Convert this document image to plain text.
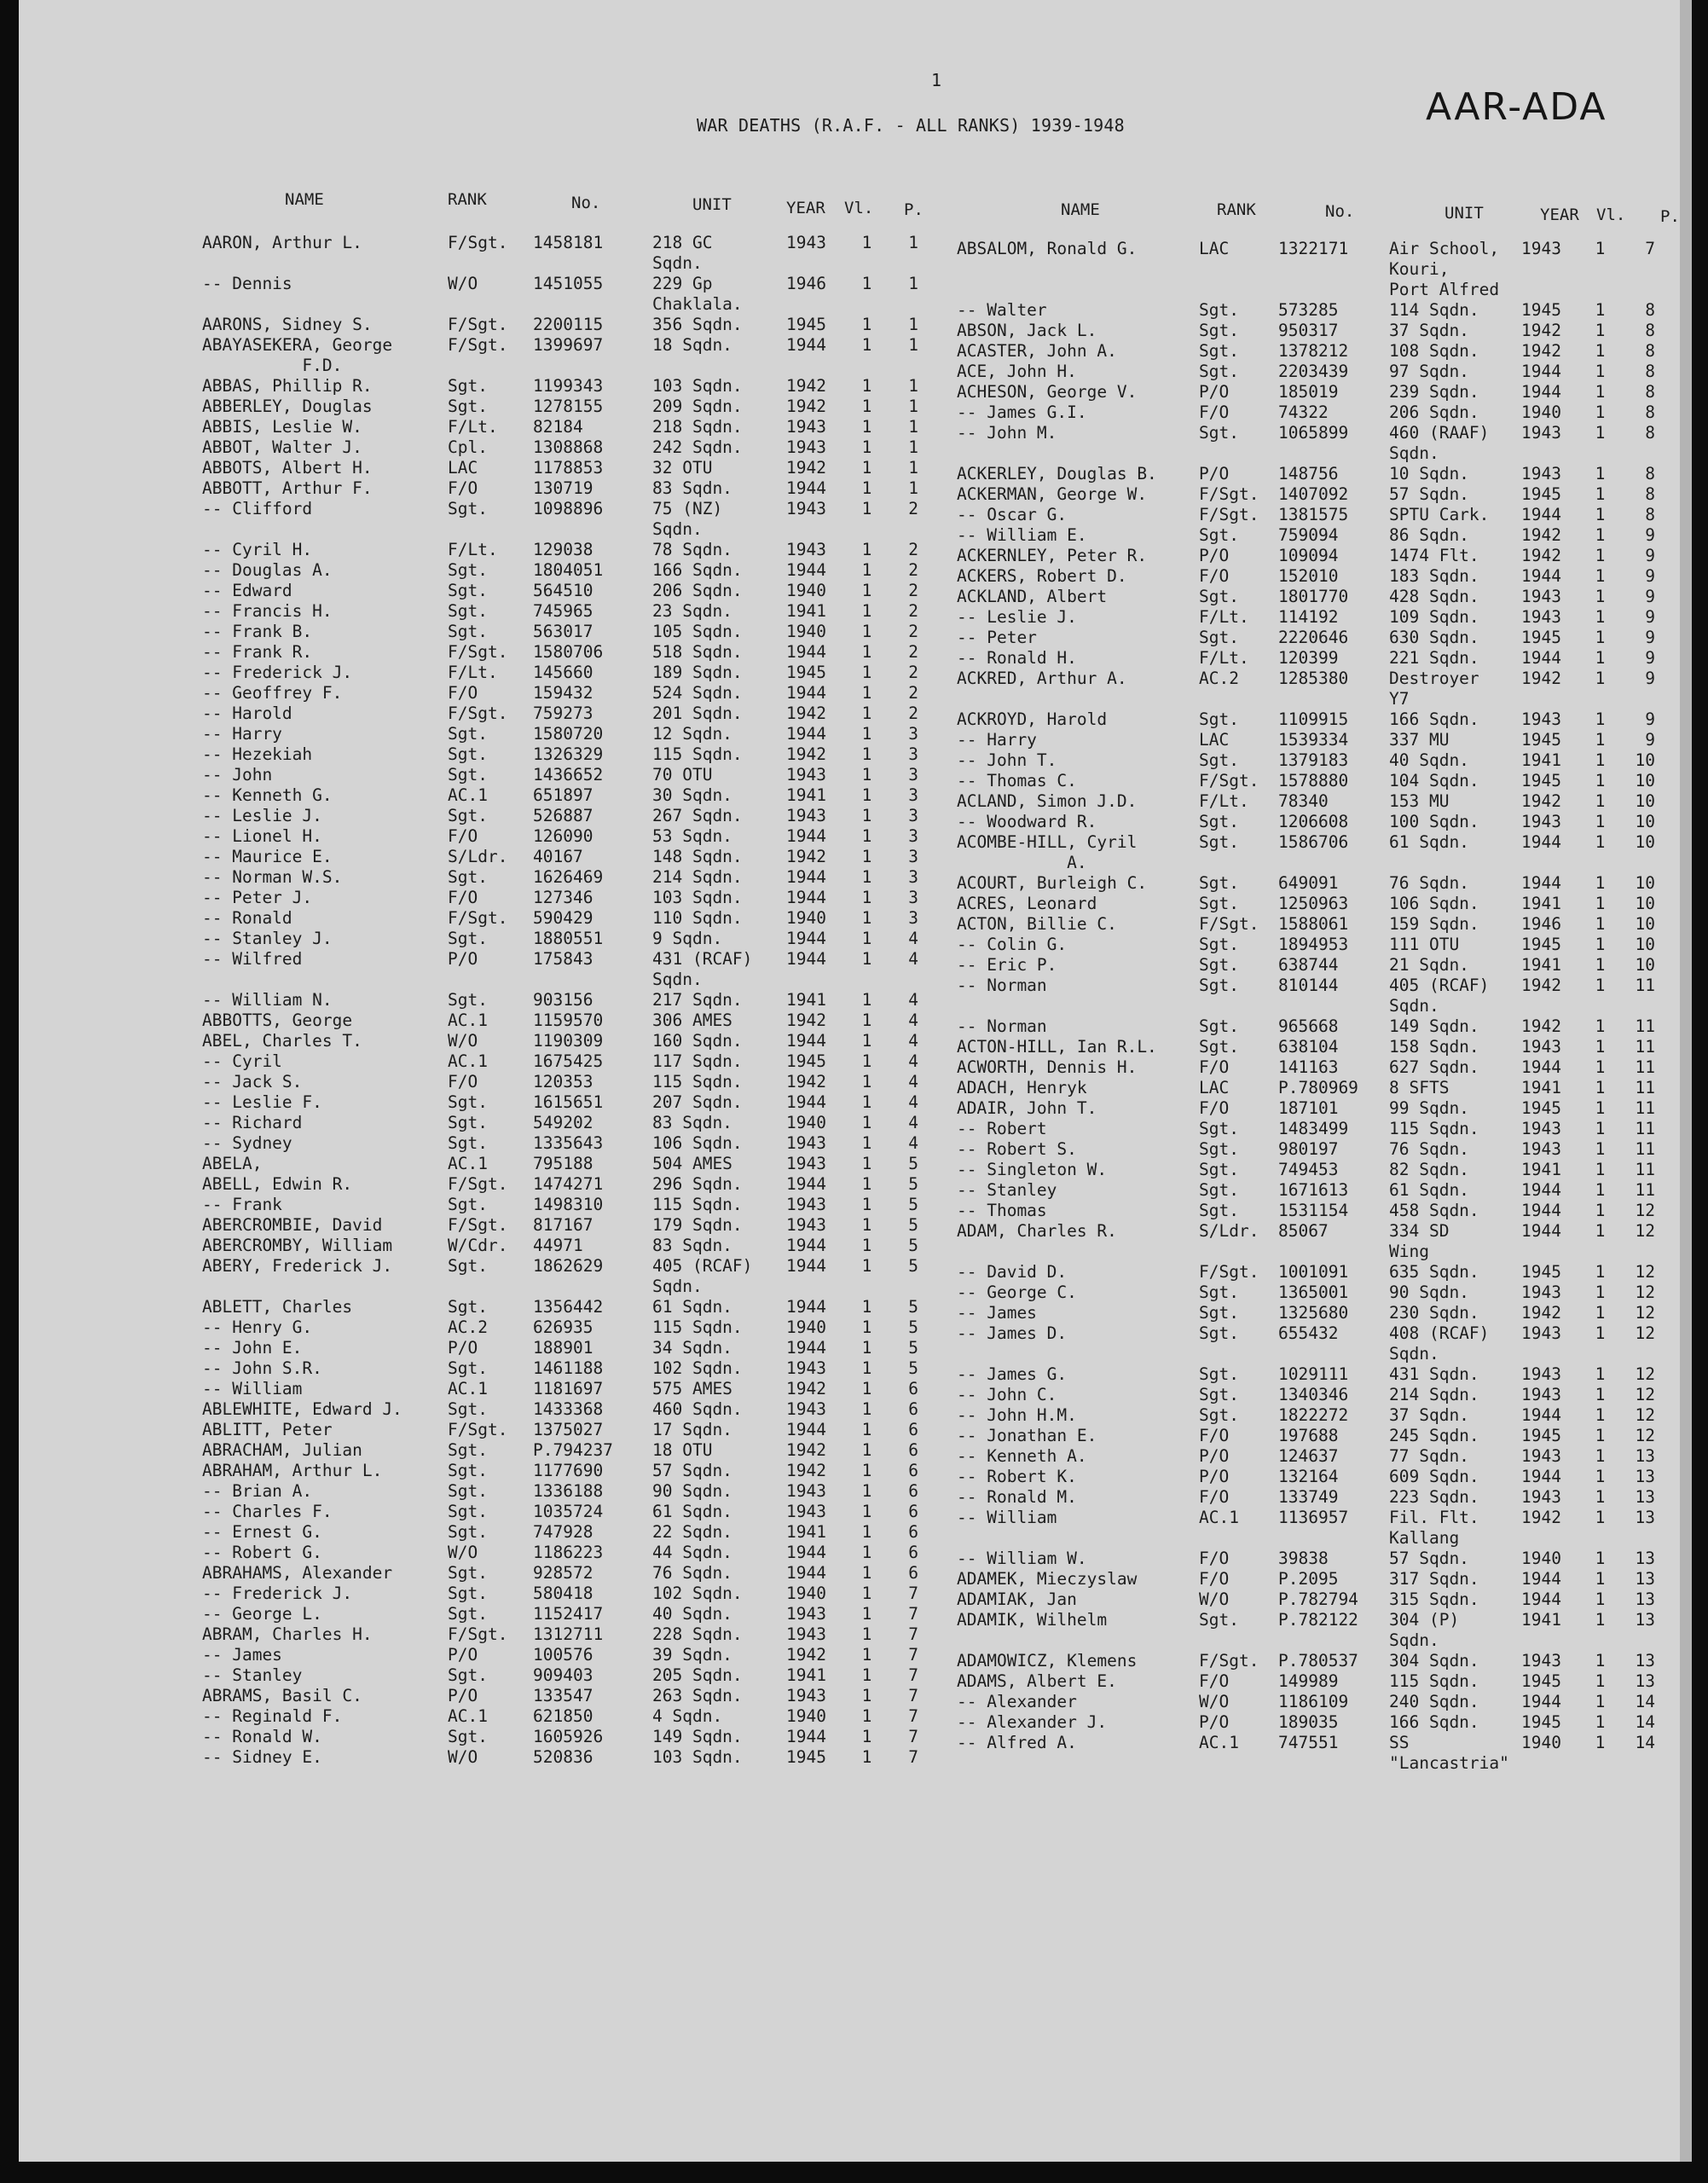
1
WAR DEATHS (R.A.F. - ALL RANKS) 1939-1948	AAR-ADA
NAME	RANK	No.	UNIT	YEAR Vl. P.	NAME	RANK	No.	UNIT	YEAR Vl. P.
AARON, Arthur L.	F/Sgt.	1458181	218 GC	1943	1	1
Sqdn.
-- Dennis	W/O	1451055	229 Gp	1946	1	1
Chaklala.
AARONS, Sidney S.	F/Sgt.	2200115	356 Sqdn.	1945	1	1
ABAYASEKERA, George	F/Sgt.	1399697	18 Sqdn.	1944	1	1
F.D.
ABBAS, Phillip R.	Sgt.	1199343	103 Sqdn.	1942	1	1
ABBERLEY, Douglas	Sgt.	1278155	209 Sqdn.	1942	1	1
ABBIS, Leslie W.	F/Lt.	82184	218 Sqdn.	1943	1	1
ABBOT, Walter J.	Cpl.	1308868	242 Sqdn.	1943	1	1
ABBOTS, Albert H.	LAC	1178853	32 OTU	1942	1	1
ABBOTT, Arthur F.	F/O	130719	83 Sqdn.	1944	1	1
-- Clifford	Sgt.	1098896	75 (NZ)	1943	1	2
Sqdn.
-- Cyril H.	F/Lt.	129038	78 Sqdn.	1943	1	2
-- Douglas A.	Sgt.	1804051	166 Sqdn.	1944	1	2
-- Edward	Sgt.	564510	206 Sqdn.	1940	1	2
-- Francis H.	Sgt.	745965	23 Sqdn.	1941	1	2
-- Frank B.	Sgt.	563017	105 Sqdn.	1940	1	2
-- Frank R.	F/Sgt.	1580706	518 Sqdn.	1944	1	2
-- Frederick J.	F/Lt.	145660	189 Sqdn.	1945	1	2
-- Geoffrey F.	F/O	159432	524 Sqdn.	1944	1	2
-- Harold	F/Sgt.	759273	201 Sqdn.	1942	1	2
-- Harry	Sgt.	1580720	12 Sqdn.	1944	1	3
-- Hezekiah	Sgt.	1326329	115 Sqdn.	1942	1	3
-- John	Sgt.	1436652	70 OTU	1943	1	3
-- Kenneth G.	AC.1	651897	30 Sqdn.	1941	1	3
-- Leslie J.	Sgt.	526887	267 Sqdn.	1943	1	3
-- Lionel H.	F/O	126090	53 Sqdn.	1944	1	3
-- Maurice E.	S/Ldr.	40167	148 Sqdn.	1942	1	3
-- Norman W.S.	Sgt.	1626469	214 Sqdn.	1944	1	3
-- Peter J.	F/O	127346	103 Sqdn.	1944	1	3
-- Ronald	F/Sgt.	590429	110 Sqdn.	1940	1	3
-- Stanley J.	Sgt.	1880551	9 Sqdn.	1944	1	4
-- Wilfred	P/O	175843	431 (RCAF)	1944	1	4
Sqdn.
-- William N.	Sgt.	903156	217 Sqdn.	1941	1	4
ABBOTTS, George	AC.1	1159570	306 AMES	1942	1	4
ABEL, Charles T.	W/O	1190309	160 Sqdn.	1944	1	4
-- Cyril	AC.1	1675425	117 Sqdn.	1945	1	4
-- Jack S.	F/O	120353	115 Sqdn.	1942	1	4
-- Leslie F.	Sgt.	1615651	207 Sqdn.	1944	1	4
-- Richard	Sgt.	549202	83 Sqdn.	1940	1	4
-- Sydney	Sgt.	1335643	106 Sqdn.	1943	1	4
ABELA,	AC.1	795188	504 AMES	1943	1	5
ABELL, Edwin R.	F/Sgt.	1474271	296 Sqdn.	1944	1	5
-- Frank	Sgt.	1498310	115 Sqdn.	1943	1	5
ABERCROMBIE, David	F/Sgt.	817167	179 Sqdn.	1943	1	5
ABERCROMBY, William	W/Cdr.	44971	83 Sqdn.	1944	1	5
ABERY, Frederick J.	Sgt.	1862629	405 (RCAF)	1944	1	5
Sqdn.
ABLETT, Charles	Sgt.	1356442	61 Sqdn.	1944	1	5
-- Henry G.	AC.2	626935	115 Sqdn.	1940	1	5
-- John E.	P/O	188901	34 Sqdn.	1944	1	5
-- John S.R.	Sgt.	1461188	102 Sqdn.	1943	1	5
-- William	AC.1	1181697	575 AMES	1942	1	6
ABLEWHITE, Edward J.	Sgt.	1433368	460 Sqdn.	1943	1	6
ABLITT, Peter	F/Sgt.	1375027	17 Sqdn.	1944	1	6
ABRACHAM, Julian	Sgt.	P.794237	18 OTU	1942	1	6
ABRAHAM, Arthur L.	Sgt.	1177690	57 Sqdn.	1942	1	6
-- Brian A.	Sgt.	1336188	90 Sqdn.	1943	1	6
-- Charles F.	Sgt.	1035724	61 Sqdn.	1943	1	6
-- Ernest G.	Sgt.	747928	22 Sqdn.	1941	1	6
-- Robert G.	W/O	1186223	44 Sqdn.	1944	1	6
ABRAHAMS, Alexander	Sgt.	928572	76 Sqdn.	1944	1	6
-- Frederick J.	Sgt.	580418	102 Sqdn.	1940	1	7
-- George L.	Sgt.	1152417	40 Sqdn.	1943	1	7
ABRAM, Charles H.	F/Sgt.	1312711	228 Sqdn.	1943	1	7
-- James	P/O	100576	39 Sqdn.	1942	1	7
-- Stanley	Sgt.	909403	205 Sqdn.	1941	1	7
ABRAMS, Basil C.	P/O	133547	263 Sqdn.	1943	1	7
-- Reginald F.	AC.1	621850	4 Sqdn.	1940	1	7
-- Ronald W.	Sgt.	1605926	149 Sqdn.	1944	1	7
-- Sidney E.	W/O	520836	103 Sqdn.	1945	1	7
ABSALOM, Ronald G.	LAC	1322171	Air School,	1943	1	7
Kouri,
Port Alfred
-- Walter	Sgt.	573285	114 Sqdn.	1945	1	8
ABSON, Jack L.	Sgt.	950317	37 Sqdn.	1942	1	8
ACASTER, John A.	Sgt.	1378212	108 Sqdn.	1942	1	8
ACE, John H.	Sgt.	2203439	97 Sqdn.	1944	1	8
ACHESON, George V.	P/O	185019	239 Sqdn.	1944	1	8
-- James G.I.	F/O	74322	206 Sqdn.	1940	1	8
-- John M.	Sgt.	1065899	460 (RAAF)	1943	1	8
Sqdn.
ACKERLEY, Douglas B.	P/O	148756	10 Sqdn.	1943	1	8
ACKERMAN, George W.	F/Sgt.	1407092	57 Sqdn.	1945	1	8
-- Oscar G.	F/Sgt.	1381575	SPTU Cark.	1944	1	8
-- William E.	Sgt.	759094	86 Sqdn.	1942	1	9
ACKERNLEY, Peter R.	P/O	109094	1474 Flt.	1942	1	9
ACKERS, Robert D.	F/O	152010	183 Sqdn.	1944	1	9
ACKLAND, Albert	Sgt.	1801770	428 Sqdn.	1943	1	9
-- Leslie J.	F/Lt.	114192	109 Sqdn.	1943	1	9
-- Peter	Sgt.	2220646	630 Sqdn.	1945	1	9
-- Ronald H.	F/Lt.	120399	221 Sqdn.	1944	1	9
ACKRED, Arthur A.	AC.2	1285380	Destroyer	1942	1	9
Y7
ACKROYD, Harold	Sgt.	1109915	166 Sqdn.	1943	1	9
-- Harry	LAC	1539334	337 MU	1945	1	9
-- John T.	Sgt.	1379183	40 Sqdn.	1941	1	10
-- Thomas C.	F/Sgt.	1578880	104 Sqdn.	1945	1	10
ACLAND, Simon J.D.	F/Lt.	78340	153 MU	1942	1	10
-- Woodward R.	Sgt.	1206608	100 Sqdn.	1943	1	10
ACOMBE-HILL, Cyril	Sgt.	1586706	61 Sqdn.	1944	1	10
A.
ACOURT, Burleigh C.	Sgt.	649091	76 Sqdn.	1944	1	10
ACRES, Leonard	Sgt.	1250963	106 Sqdn.	1941	1	10
ACTON, Billie C.	F/Sgt.	1588061	159 Sqdn.	1946	1	10
-- Colin G.	Sgt.	1894953	111 OTU	1945	1	10
-- Eric P.	Sgt.	638744	21 Sqdn.	1941	1	10
-- Norman	Sgt.	810144	405 (RCAF)	1942	1	11
Sqdn.
-- Norman	Sgt.	965668	149 Sqdn.	1942	1	11
ACTON-HILL, Ian R.L.	Sgt.	638104	158 Sqdn.	1943	1	11
ACWORTH, Dennis H.	F/O	141163	627 Sqdn.	1944	1	11
ADACH, Henryk	LAC	P.780969	8 SFTS	1941	1	11
ADAIR, John T.	F/O	187101	99 Sqdn.	1945	1	11
-- Robert	Sgt.	1483499	115 Sqdn.	1943	1	11
-- Robert S.	Sgt.	980197	76 Sqdn.	1943	1	11
-- Singleton W.	Sgt.	749453	82 Sqdn.	1941	1	11
-- Stanley	Sgt.	1671613	61 Sqdn.	1944	1	11
-- Thomas	Sgt.	1531154	458 Sqdn.	1944	1	12
ADAM, Charles R.	S/Ldr.	85067	334 SD	1944	1	12
Wing
-- David D.	F/Sgt.	1001091	635 Sqdn.	1945	1	12
-- George C.	Sgt.	1365001	90 Sqdn.	1943	1	12
-- James	Sgt.	1325680	230 Sqdn.	1942	1	12
-- James D.	Sgt.	655432	408 (RCAF)	1943	1	12
Sqdn.
-- James G.	Sgt.	1029111	431 Sqdn.	1943	1	12
-- John C.	Sgt.	1340346	214 Sqdn.	1943	1	12
-- John H.M.	Sgt.	1822272	37 Sqdn.	1944	1	12
-- Jonathan E.	F/O	197688	245 Sqdn.	1945	1	12
-- Kenneth A.	P/O	124637	77 Sqdn.	1943	1	13
-- Robert K.	P/O	132164	609 Sqdn.	1944	1	13
-- Ronald M.	F/O	133749	223 Sqdn.	1943	1	13
-- William	AC.1	1136957	Fil. Flt.	1942	1	13
Kallang
-- William W.	F/O	39838	57 Sqdn.	1940	1	13
ADAMEK, Mieczyslaw	F/O	P.2095	317 Sqdn.	1944	1	13
ADAMIAK, Jan	W/O	P.782794	315 Sqdn.	1944	1	13
ADAMIK, Wilhelm	Sgt.	P.782122	304 (P)	1941	1	13
Sqdn.
ADAMOWICZ, Klemens	F/Sgt.	P.780537	304 Sqdn.	1943	1	13
ADAMS, Albert E.	F/O	149989	115 Sqdn.	1945	1	13
-- Alexander	W/O	1186109	240 Sqdn.	1944	1	14
-- Alexander J.	P/O	189035	166 Sqdn.	1945	1	14
-- Alfred A.	AC.1	747551	SS	1940	1	14
"Lancastria"
